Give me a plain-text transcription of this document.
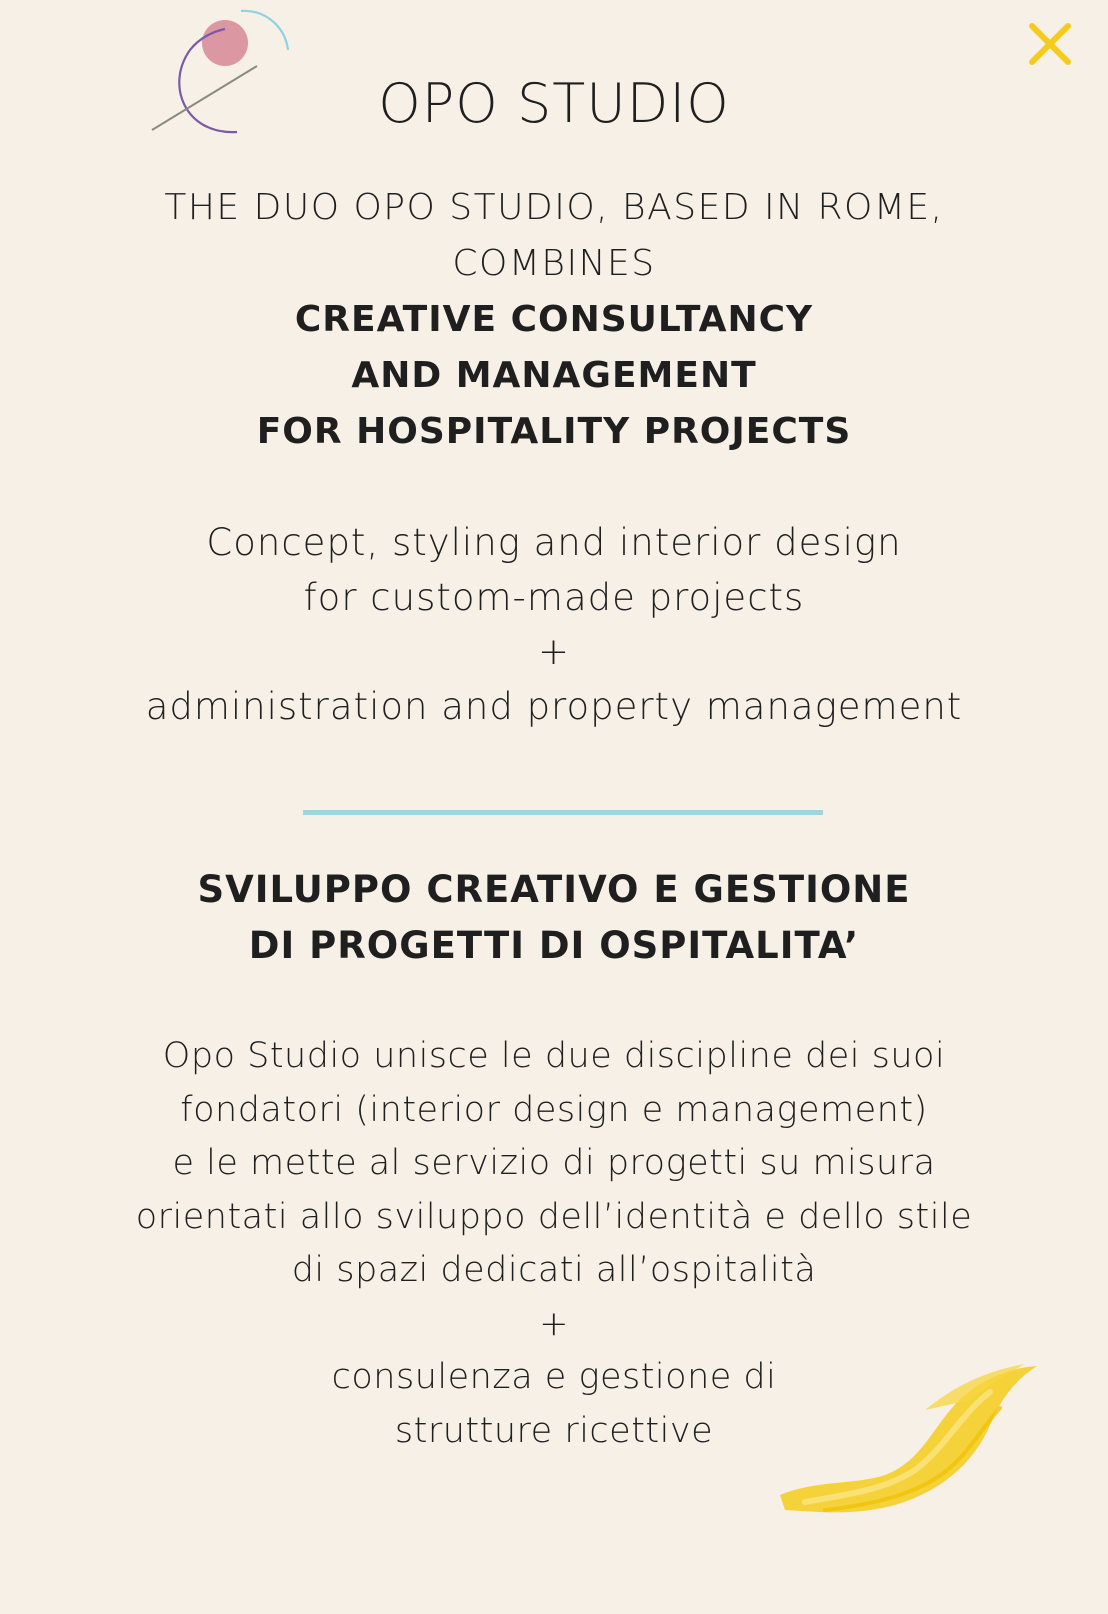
OPO STUDIO
THE DUO OPO STUDIO, BASED IN ROME,
COMBINES
CREATIVE CONSULTANCY
AND MANAGEMENT
FOR HOSPITALITY PROJECTS
Concept, styling and interior design
for custom-made projects
+
administration and property management
SVILUPPO CREATIVO E GESTIONE
DI PROGETTI DI OSPITALITA’
Opo Studio unisce le due discipline dei suoi
fondatori (interior design e management)
e le mette al servizio di progetti su misura
orientati allo sviluppo dell’identità e dello stile
di spazi dedicati all’ospitalità
+
consulenza e gestione di
strutture ricettive
